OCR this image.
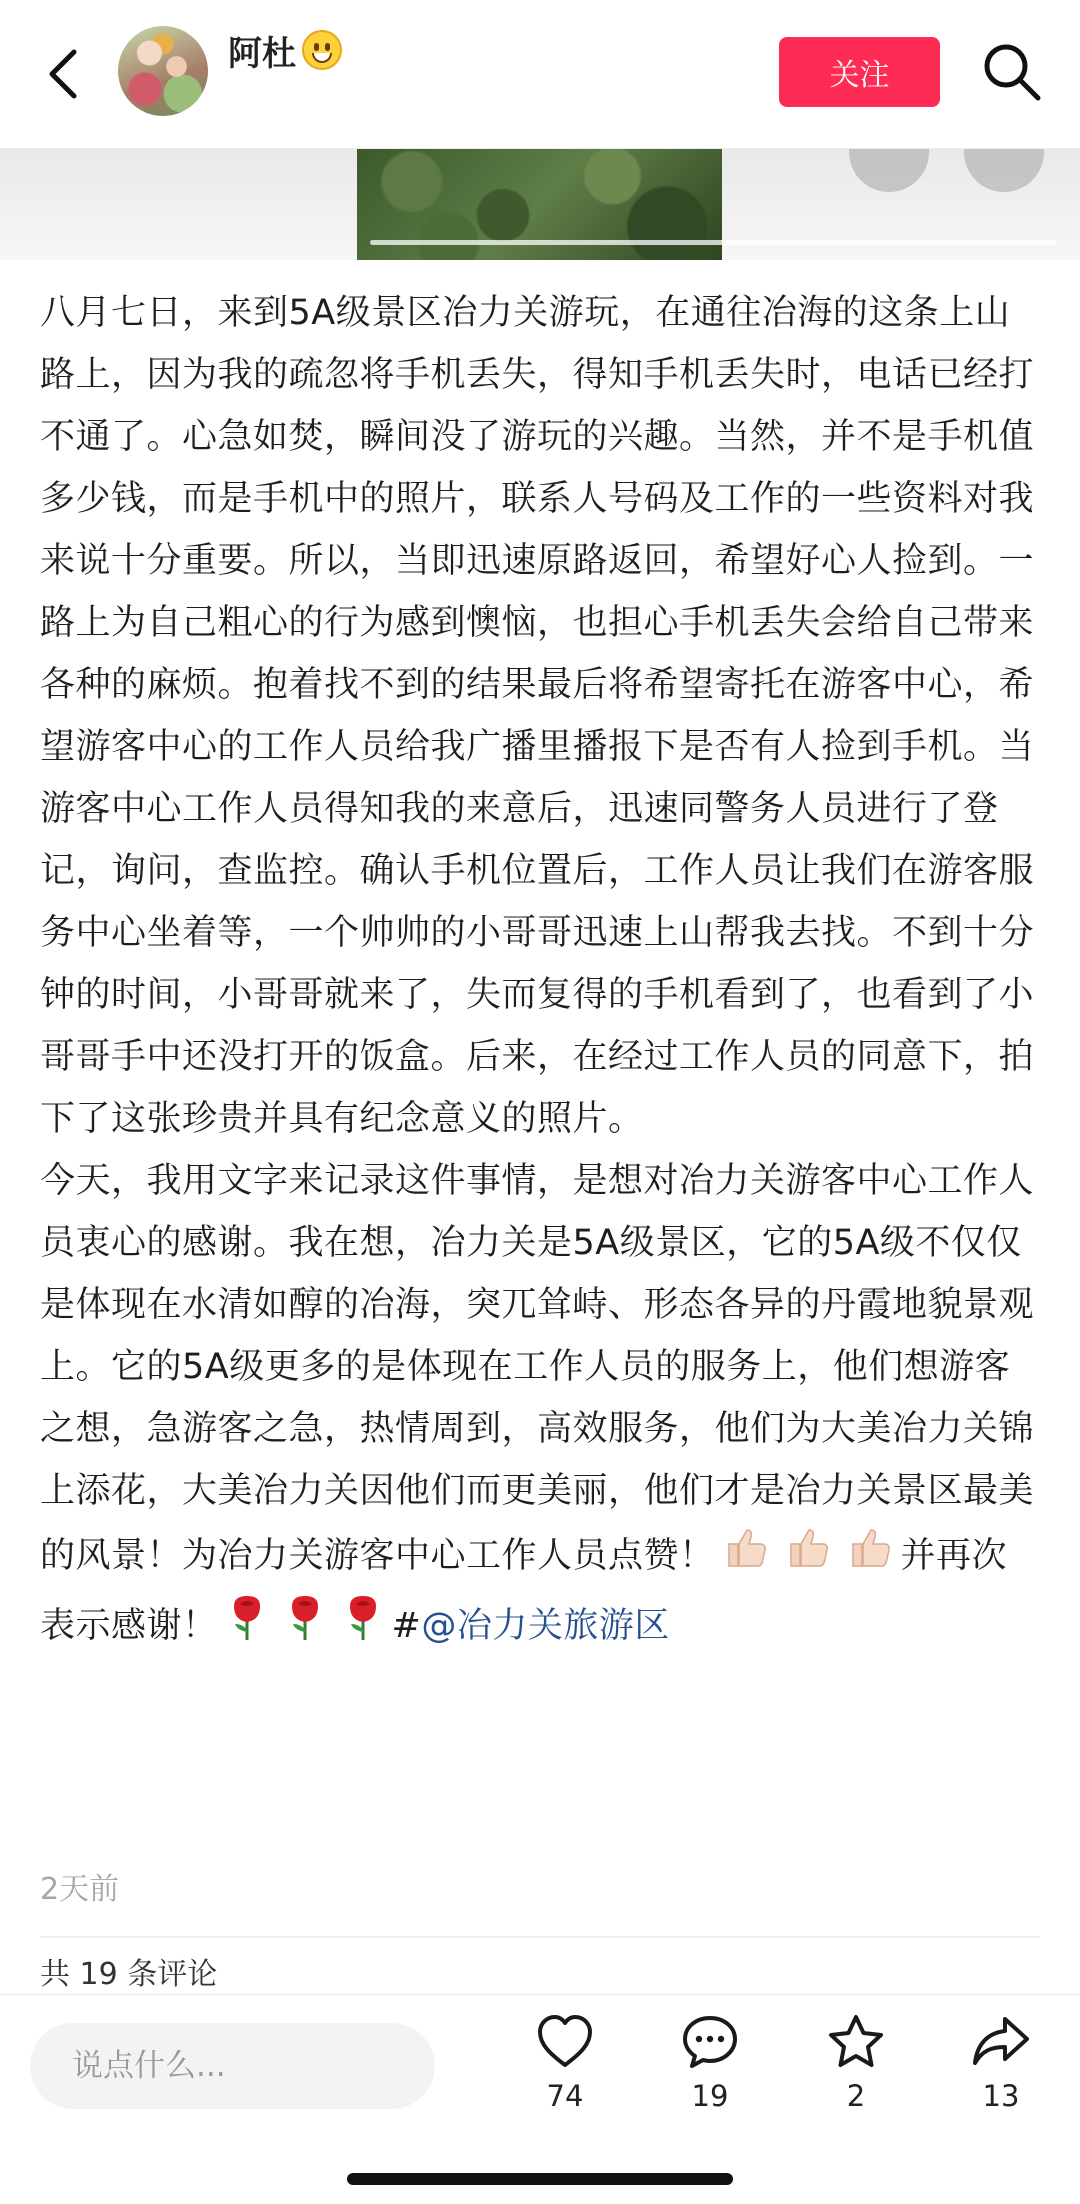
阿杜
关注

八月七日，来到5A级景区冶力关游玩，在通往冶海的这条上山路上，因为我的疏忽将手机丢失，得知手机丢失时，电话已经打不通了。心急如焚，瞬间没了游玩的兴趣。当然，并不是手机值多少钱，而是手机中的照片，联系人号码及工作的一些资料对我来说十分重要。所以，当即迅速原路返回，希望好心人捡到。一路上为自己粗心的行为感到懊恼，也担心手机丢失会给自己带来各种的麻烦。抱着找不到的结果最后将希望寄托在游客中心，希望游客中心的工作人员给我广播里播报下是否有人捡到手机。当游客中心工作人员得知我的来意后，迅速同警务人员进行了登记，询问，查监控。确认手机位置后，工作人员让我们在游客服务中心坐着等，一个帅帅的小哥哥迅速上山帮我去找。不到十分钟的时间，小哥哥就来了，失而复得的手机看到了，也看到了小哥哥手中还没打开的饭盒。后来，在经过工作人员的同意下，拍下了这张珍贵并具有纪念意义的照片。

今天，我用文字来记录这件事情，是想对冶力关游客中心工作人员衷心的感谢。我在想，冶力关是5A级景区，它的5A级不仅仅是体现在水清如醇的冶海，突兀耸峙、形态各异的丹霞地貌景观上。它的5A级更多的是体现在工作人员的服务上，他们想游客之想，急游客之急，热情周到，高效服务，他们为大美冶力关锦上添花，大美冶力关因他们而更美丽，他们才是冶力关景区最美的风景！为冶力关游客中心工作人员点赞！	并再次表示感谢！	#@冶力关旅游区

2天前
共 19 条评论
说点什么...
74	19	2	13
